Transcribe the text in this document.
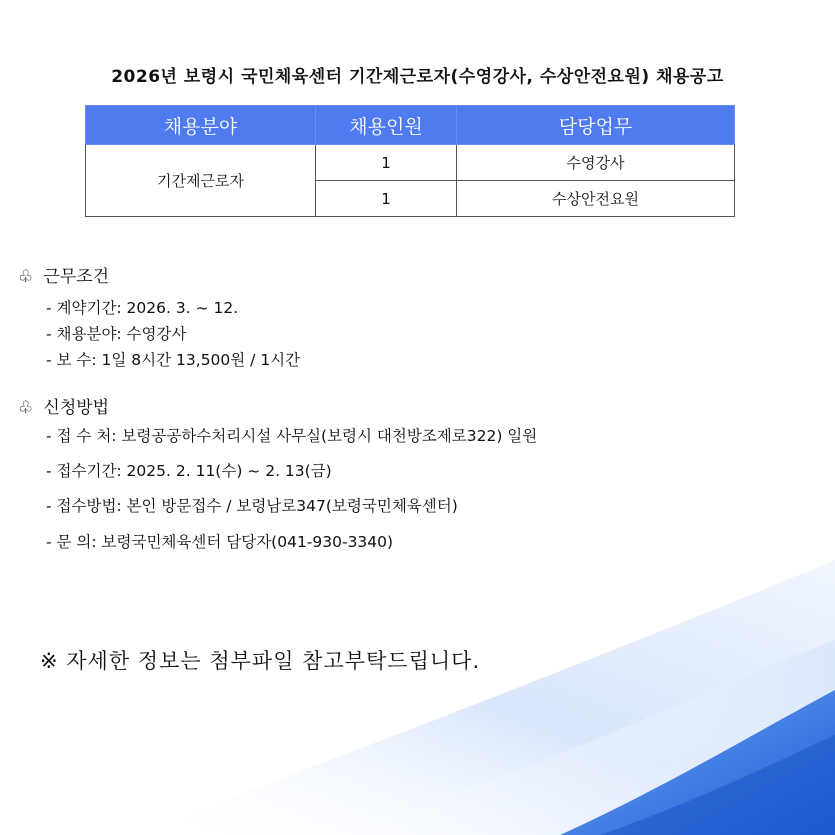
2026년 보령시 국민체육센터 기간제근로자(수영강사, 수상안전요원) 채용공고
채용분야	채용인원	담당업무
기간제근로자	1	수영강사
	1	수상안전요원
♧ 근무조건
- 계약기간: 2026. 3. ~ 12.
- 채용분야: 수영강사
- 보 수: 1일 8시간 13,500원 / 1시간
♧ 신청방법
- 접 수 처: 보령공공하수처리시설 사무실(보령시 대천방조제로322) 일원
- 접수기간: 2025. 2. 11(수) ~ 2. 13(금)
- 접수방법: 본인 방문접수 / 보령남로347(보령국민체육센터)
- 문 의: 보령국민체육센터 담당자(041-930-3340)
※ 자세한 정보는 첨부파일 참고부탁드립니다.
